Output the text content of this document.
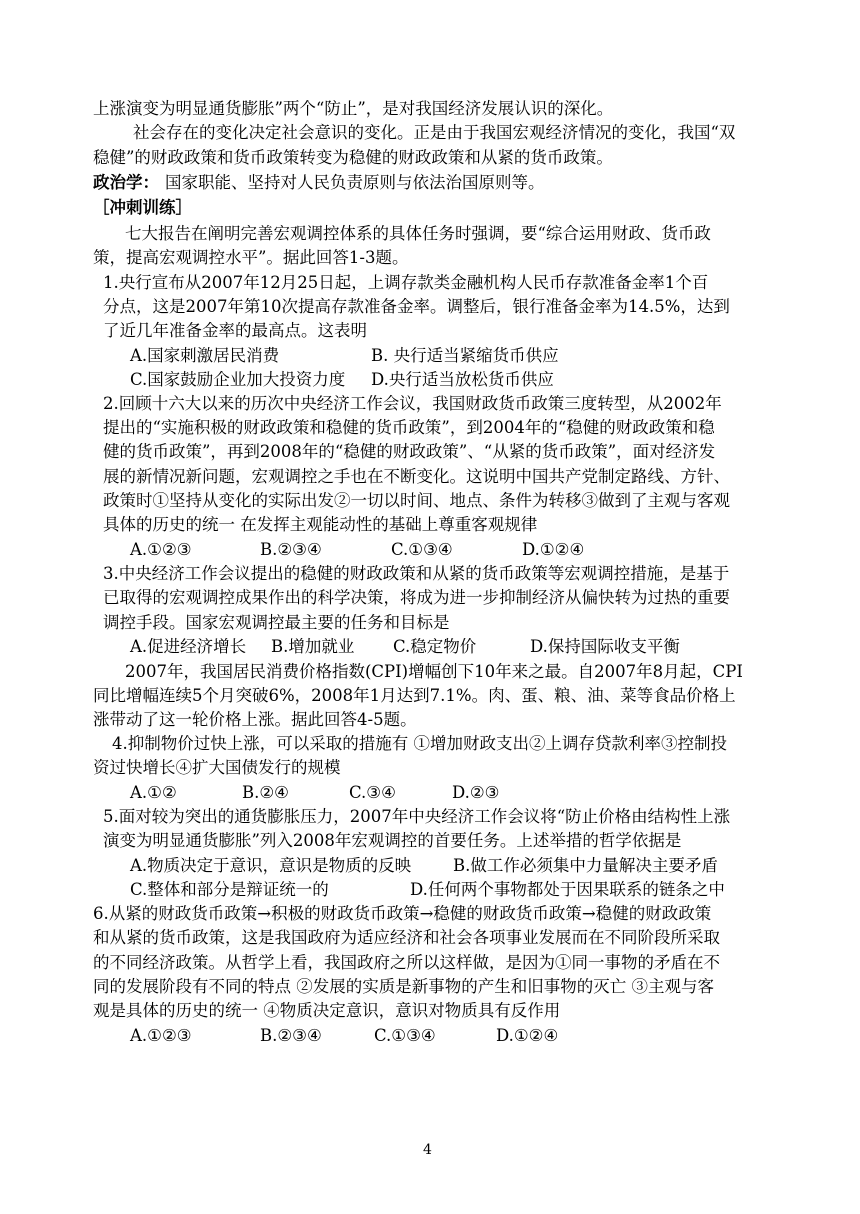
上涨演变为明显通货膨胀”两个“防止”，是对我国经济发展认识的深化。
社会存在的变化决定社会意识的变化。正是由于我国宏观经济情况的变化，我国“双
稳健”的财政政策和货币政策转变为稳健的财政政策和从紧的货币政策。
政治学： 国家职能、坚持对人民负责原则与依法治国原则等。
［冲刺训练］
七大报告在阐明完善宏观调控体系的具体任务时强调，要“综合运用财政、货币政
策，提高宏观调控水平”。据此回答1-3题。
1.央行宣布从2007年12月25日起，上调存款类金融机构人民币存款准备金率1个百
分点，这是2007年第10次提高存款准备金率。调整后，银行准备金率为14.5%，达到
了近几年准备金率的最高点。这表明
A.国家刺激居民消费	B. 央行适当紧缩货币供应
C.国家鼓励企业加大投资力度 D.央行适当放松货币供应
2.回顾十六大以来的历次中央经济工作会议，我国财政货币政策三度转型，从2002年
提出的“实施积极的财政政策和稳健的货币政策”，到2004年的“稳健的财政政策和稳
健的货币政策”，再到2008年的“稳健的财政政策”、“从紧的货币政策”，面对经济发
展的新情况新问题，宏观调控之手也在不断变化。这说明中国共产党制定路线、方针、
政策时①坚持从变化的实际出发②一切以时间、地点、条件为转移③做到了主观与客观
具体的历史的统一 在发挥主观能动性的基础上尊重客观规律
A.①②③	B.②③④	C.①③④	D.①②④
3.中央经济工作会议提出的稳健的财政政策和从紧的货币政策等宏观调控措施，是基于
已取得的宏观调控成果作出的科学决策，将成为进一步抑制经济从偏快转为过热的重要
调控手段。国家宏观调控最主要的任务和目标是
A.促进经济增长 B.增加就业 C.稳定物价	D.保持国际收支平衡
2007年，我国居民消费价格指数(CPI)增幅创下10年来之最。自2007年8月起，CPI
同比增幅连续5个月突破6%，2008年1月达到7.1%。肉、蛋、粮、油、菜等食品价格上
涨带动了这一轮价格上涨。据此回答4-5题。
4.抑制物价过快上涨，可以采取的措施有 ①增加财政支出②上调存贷款利率③控制投
资过快增长④扩大国债发行的规模
A.①②	B.②④	C.③④	D.②③
5.面对较为突出的通货膨胀压力，2007年中央经济工作会议将“防止价格由结构性上涨
演变为明显通货膨胀”列入2008年宏观调控的首要任务。上述举措的哲学依据是
A.物质决定于意识，意识是物质的反映	B.做工作必须集中力量解决主要矛盾
C.整体和部分是辩证统一的	D.任何两个事物都处于因果联系的链条之中
6.从紧的财政货币政策→积极的财政货币政策→稳健的财政货币政策→稳健的财政政策
和从紧的货币政策，这是我国政府为适应经济和社会各项事业发展而在不同阶段所采取
的不同经济政策。从哲学上看，我国政府之所以这样做，是因为①同一事物的矛盾在不
同的发展阶段有不同的特点 ②发展的实质是新事物的产生和旧事物的灭亡 ③主观与客
观是具体的历史的统一 ④物质决定意识，意识对物质具有反作用
A.①②③	B.②③④	C.①③④	D.①②④
4
